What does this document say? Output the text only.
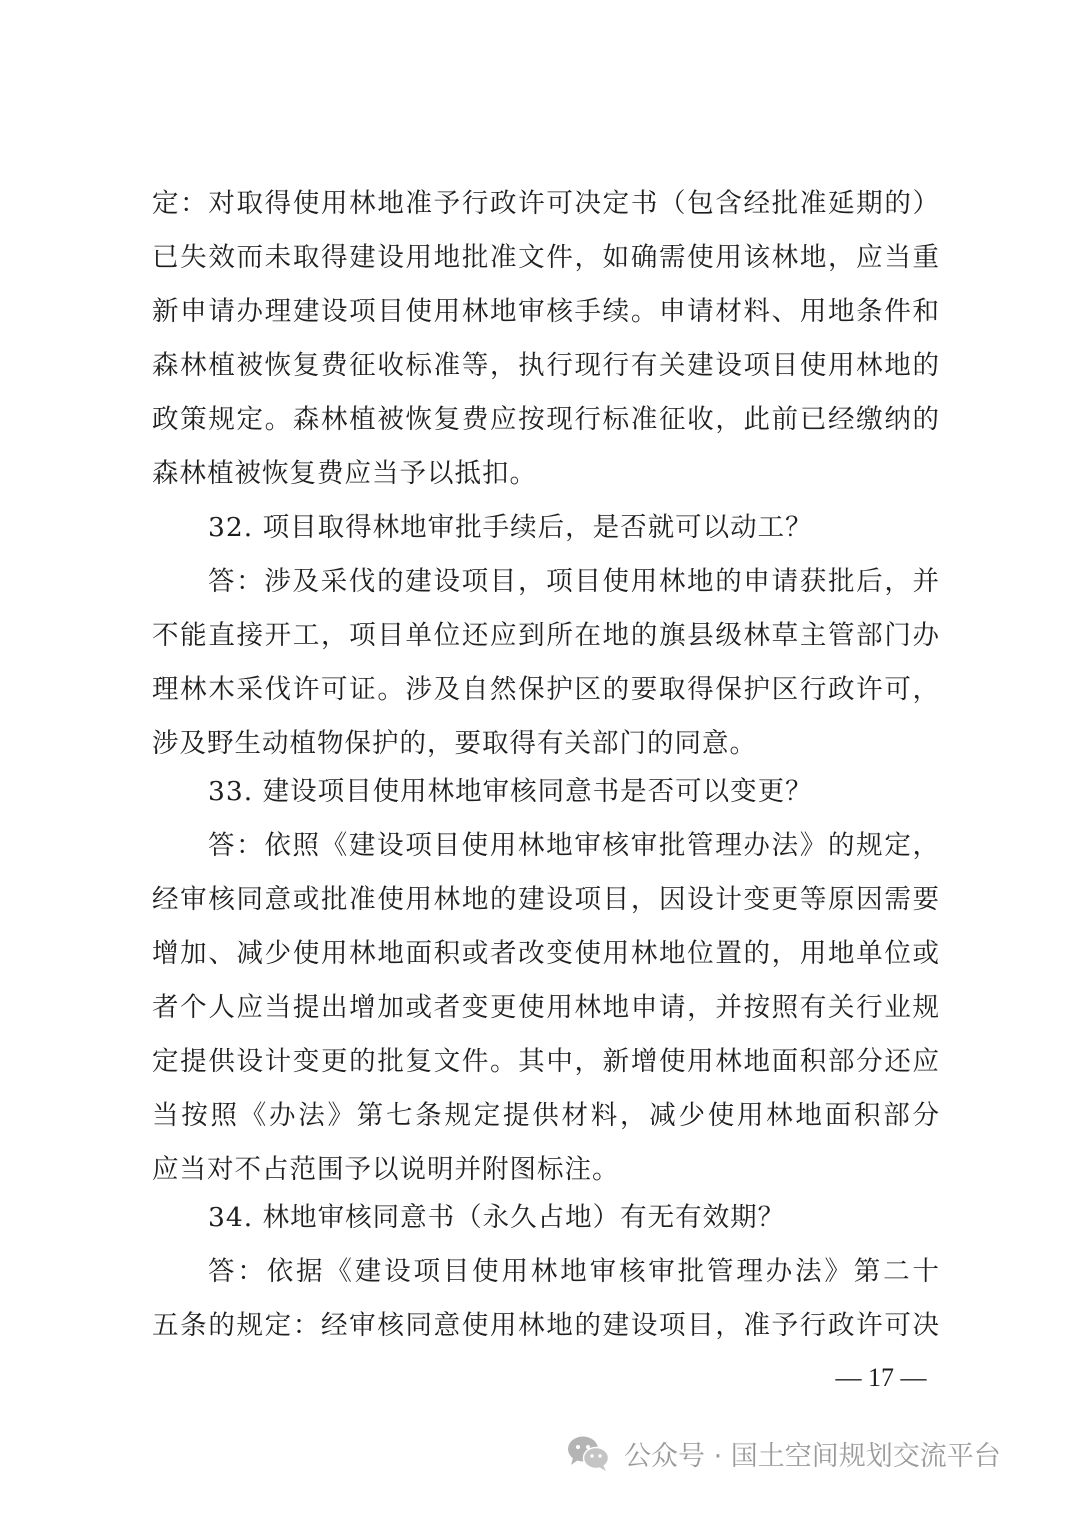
定：对取得使用林地准予行政许可决定书（包含经批准延期的）
已失效而未取得建设用地批准文件，如确需使用该林地，应当重
新申请办理建设项目使用林地审核手续。申请材料、用地条件和
森林植被恢复费征收标准等，执行现行有关建设项目使用林地的
政策规定。森林植被恢复费应按现行标准征收，此前已经缴纳的
森林植被恢复费应当予以抵扣。
32. 项目取得林地审批手续后，是否就可以动工？
答：涉及采伐的建设项目，项目使用林地的申请获批后，并
不能直接开工，项目单位还应到所在地的旗县级林草主管部门办
理林木采伐许可证。涉及自然保护区的要取得保护区行政许可，
涉及野生动植物保护的，要取得有关部门的同意。
33. 建设项目使用林地审核同意书是否可以变更？
答：依照《建设项目使用林地审核审批管理办法》的规定，
经审核同意或批准使用林地的建设项目，因设计变更等原因需要
增加、减少使用林地面积或者改变使用林地位置的，用地单位或
者个人应当提出增加或者变更使用林地申请，并按照有关行业规
定提供设计变更的批复文件。其中，新增使用林地面积部分还应
当按照《办法》第七条规定提供材料，减少使用林地面积部分
应当对不占范围予以说明并附图标注。
34. 林地审核同意书（永久占地）有无有效期？
答：依据《建设项目使用林地审核审批管理办法》第二十
五条的规定：经审核同意使用林地的建设项目，准予行政许可决
— 17 —
公众号 · 国土空间规划交流平台
